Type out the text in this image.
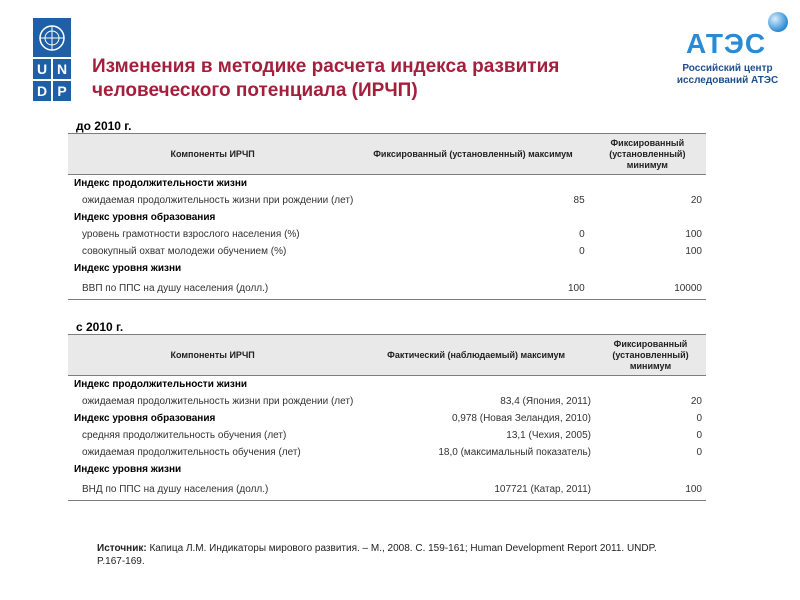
U N
D P
Изменения в методике расчета индекса развития человеческого потенциала (ИРЧП)
АТЭС
Российский центр
исследований АТЭС
до 2010 г.
Компоненты ИРЧП	Фиксированный (установленный) максимум	Фиксированный (установленный) минимум
Индекс продолжительности жизни		
ожидаемая продолжительность жизни при рождении (лет)	85	20
Индекс уровня образования		
уровень грамотности взрослого населения (%)	0	100
совокупный охват молодежи обучением (%)	0	100
Индекс уровня жизни		
ВВП по ППС на душу населения (долл.)	100	10000
с 2010 г.
Компоненты ИРЧП	Фактический (наблюдаемый) максимум	Фиксированный (установленный) минимум
Индекс продолжительности жизни		
ожидаемая продолжительность жизни при рождении (лет)	83,4 (Япония, 2011)	20
Индекс уровня образования	0,978 (Новая Зеландия, 2010)	0
средняя продолжительность обучения (лет)	13,1 (Чехия, 2005)	0
ожидаемая продолжительность обучения (лет)	18,0 (максимальный показатель)	0
Индекс уровня жизни		
ВНД по ППС на душу населения (долл.)	107721 (Катар, 2011)	100
Источник: Капица Л.М. Индикаторы мирового развития. – М., 2008. С. 159-161; Human Development Report 2011. UNDP. P.167-169.
